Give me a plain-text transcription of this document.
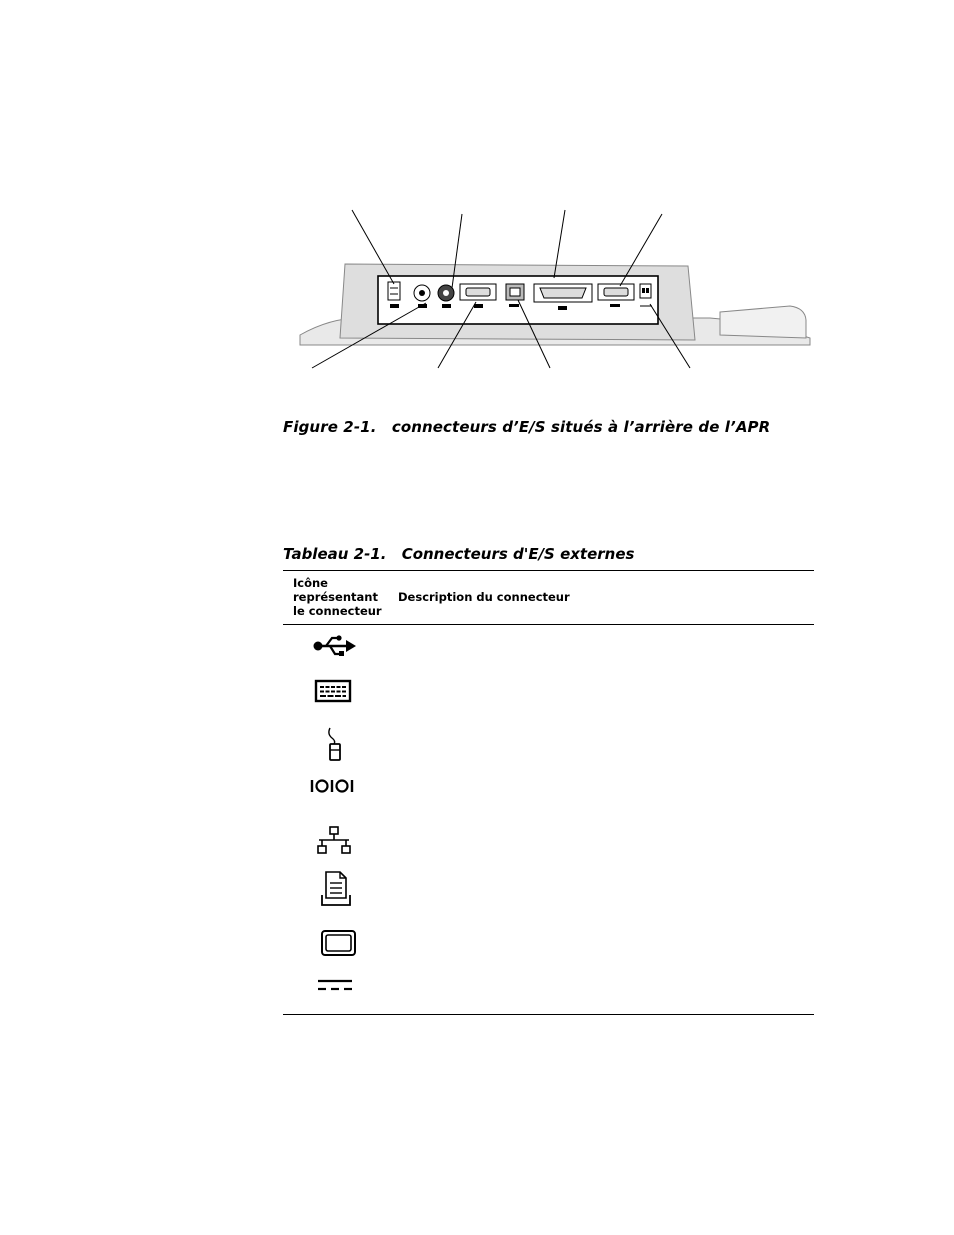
Figure 2-1. connecteurs d’E/S situés à l’arrière de l’APR
Tableau 2-1. Connecteurs d'E/S externes
Icône
représentant
le connecteur
Description du connecteur
